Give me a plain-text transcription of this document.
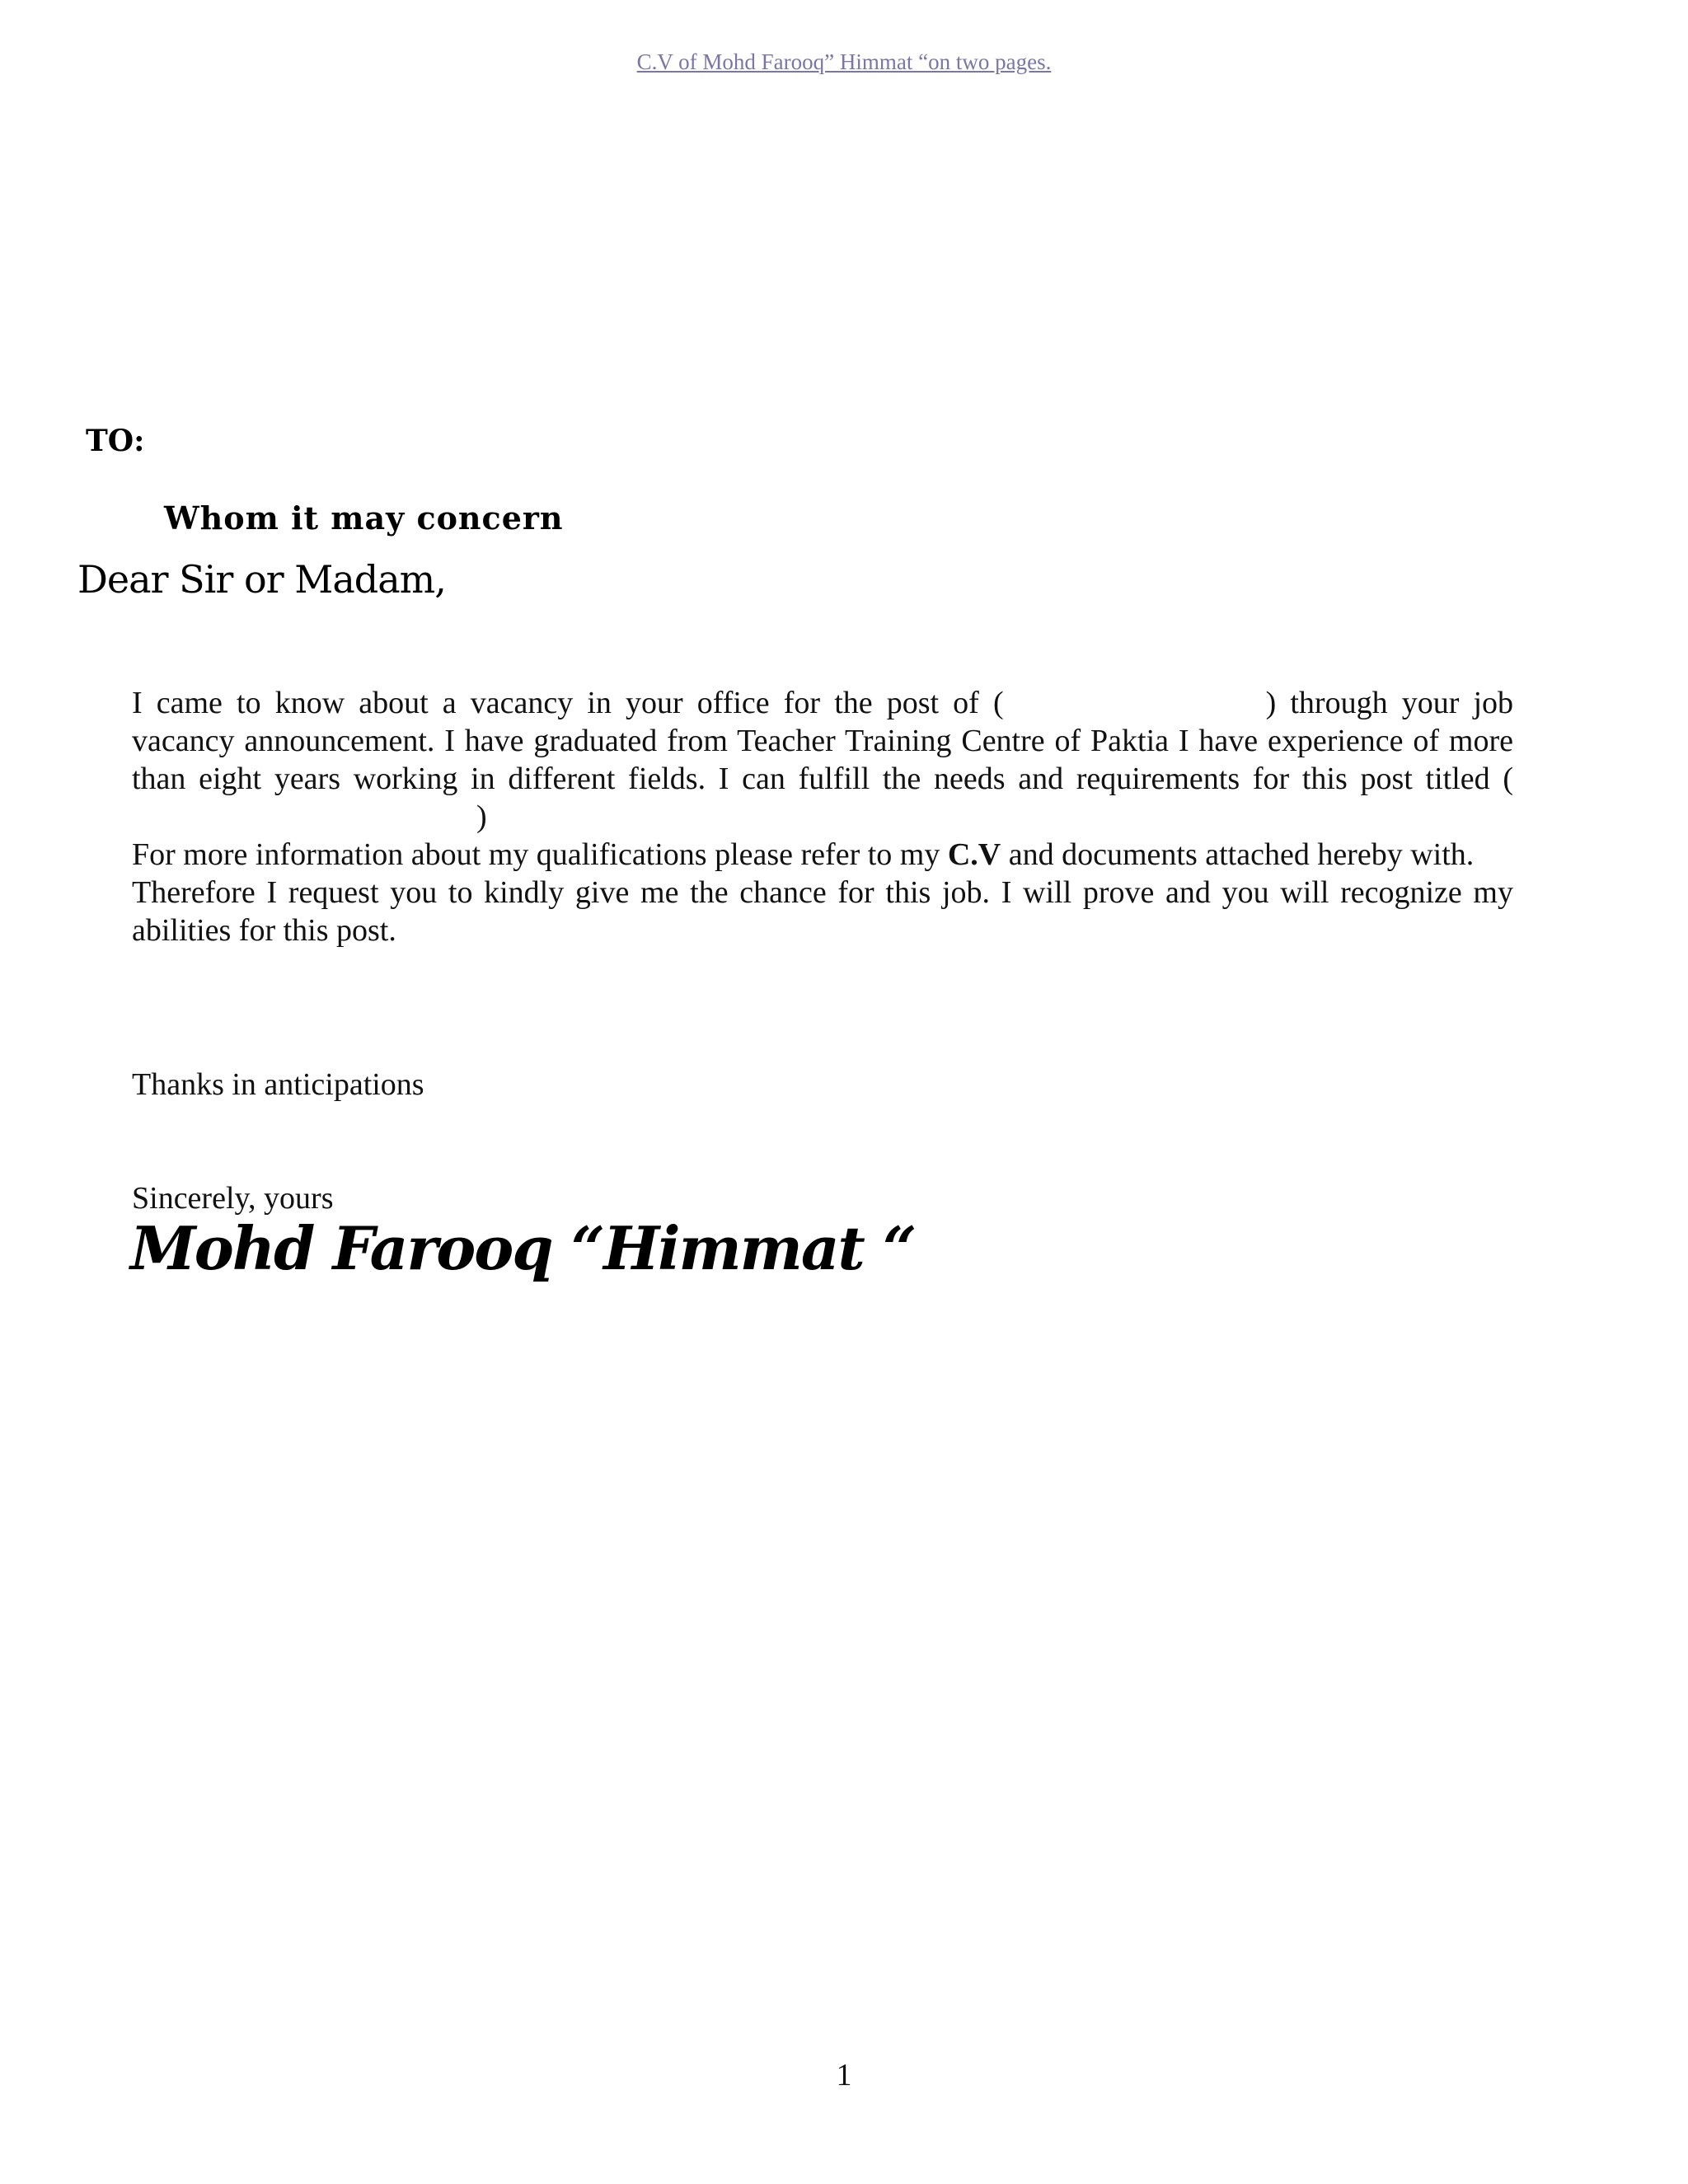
C.V of Mohd Farooq” Himmat “on two pages.
TO:
Whom it may concern
Dear Sir or Madam,

I came to know about a vacancy in your office for the post of (	) through your job vacancy announcement. I have graduated from Teacher Training Centre of Paktia I have experience of more than eight years working in different fields. I can fulfill the needs and requirements for this post titled ()

For more information about my qualifications please refer to my C.V and documents attached hereby with.

Therefore I request you to kindly give me the chance for this job. I will prove and you will recognize my abilities for this post.

Thanks in anticipations
Sincerely, yours
Mohd Farooq “Himmat “
1
